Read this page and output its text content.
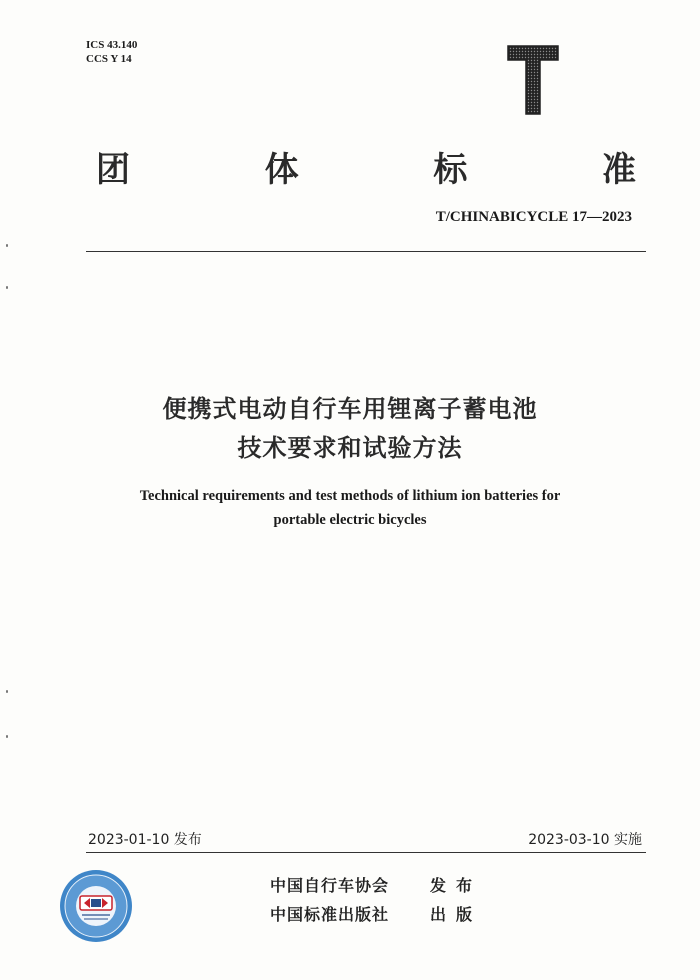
ICS 43.140
CCS Y 14
团	体	标	准
T/CHINABICYCLE 17—2023
便携式电动自行车用锂离子蓄电池
技术要求和试验方法
Technical requirements and test methods of lithium ion batteries for
portable electric bicycles
2023-01-10 发布	2023-03-10 实施
中国自行车协会	发布
中国标准出版社	出版
